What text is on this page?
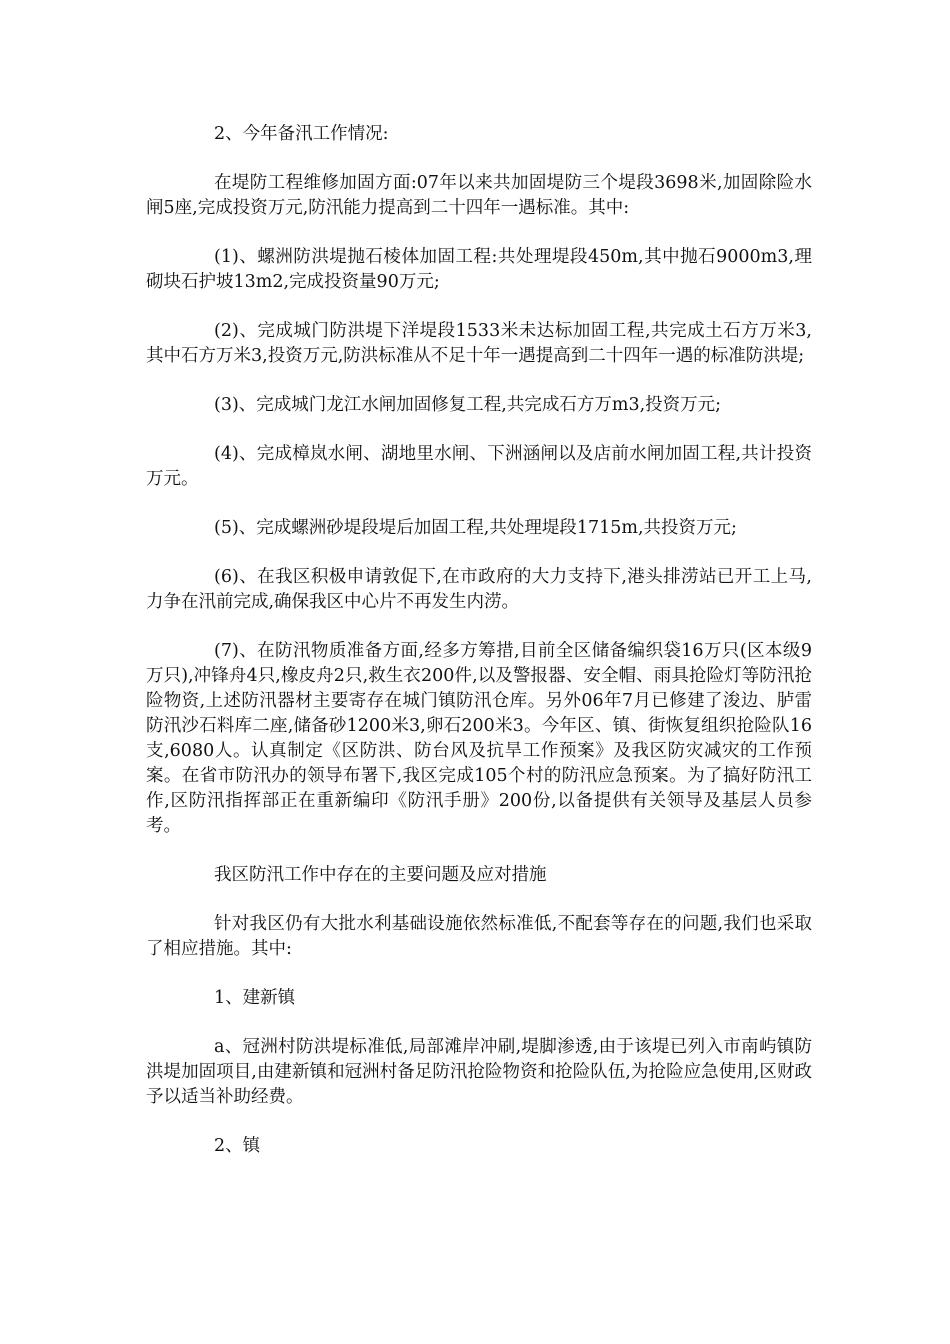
2、今年备汛工作情况:

在堤防工程维修加固方面:07年以来共加固堤防三个堤段3698米,加固除险水闸5座,完成投资万元,防汛能力提高到二十四年一遇标准。其中:

(1)、螺洲防洪堤抛石棱体加固工程:共处理堤段450m,其中抛石9000m3,理砌块石护坡13m2,完成投资量90万元;

(2)、完成城门防洪堤下洋堤段1533米未达标加固工程,共完成土石方万米3,其中石方万米3,投资万元,防洪标准从不足十年一遇提高到二十四年一遇的标准防洪堤;

(3)、完成城门龙江水闸加固修复工程,共完成石方万m3,投资万元;

(4)、完成樟岚水闸、湖地里水闸、下洲涵闸以及店前水闸加固工程,共计投资万元。

(5)、完成螺洲砂堤段堤后加固工程,共处理堤段1715m,共投资万元;

(6)、在我区积极申请敦促下,在市政府的大力支持下,港头排涝站已开工上马,力争在汛前完成,确保我区中心片不再发生内涝。

(7)、在防汛物质准备方面,经多方筹措,目前全区储备编织袋16万只(区本级9万只),冲锋舟4只,橡皮舟2只,救生衣200件,以及警报器、安全帽、雨具抢险灯等防汛抢险物资,上述防汛器材主要寄存在城门镇防汛仓库。另外06年7月已修建了浚边、胪雷防汛沙石料库二座,储备砂1200米3,卵石200米3。今年区、镇、街恢复组织抢险队16支,6080人。认真制定《区防洪、防台风及抗旱工作预案》及我区防灾减灾的工作预案。在省市防汛办的领导布署下,我区完成105个村的防汛应急预案。为了搞好防汛工作,区防汛指挥部正在重新编印《防汛手册》200份,以备提供有关领导及基层人员参考。

我区防汛工作中存在的主要问题及应对措施

针对我区仍有大批水利基础设施依然标准低,不配套等存在的问题,我们也采取了相应措施。其中:

1、建新镇

a、冠洲村防洪堤标准低,局部滩岸冲刷,堤脚渗透,由于该堤已列入市南屿镇防洪堤加固项目,由建新镇和冠洲村备足防汛抢险物资和抢险队伍,为抢险应急使用,区财政予以适当补助经费。

2、镇
